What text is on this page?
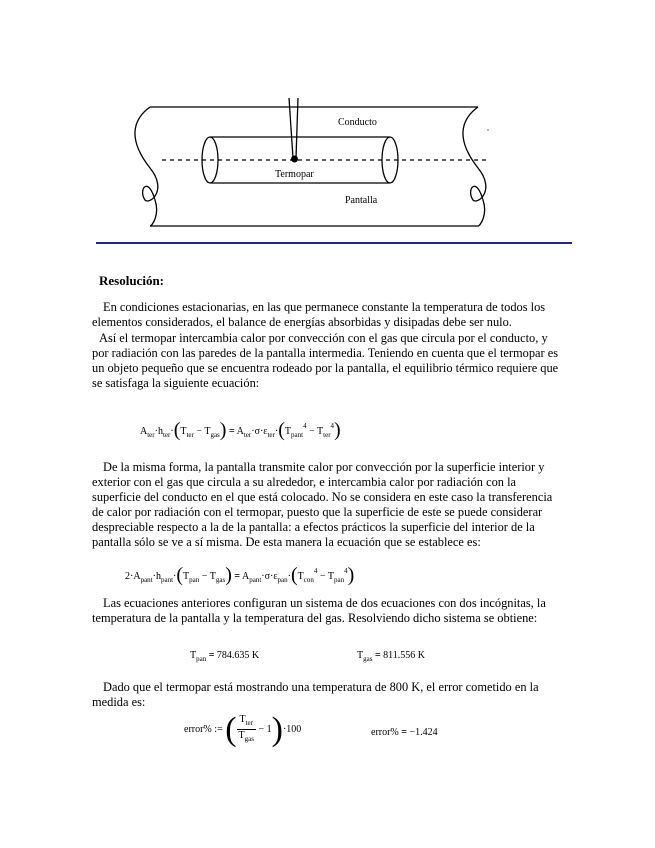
Conducto
Termopar
Pantalla
Resolución:

En condiciones estacionarias, en las que permanece constante la temperatura de todos los elementos considerados, el balance de energías absorbidas y disipadas debe ser nulo.

Así el termopar intercambia calor por convección con el gas que circula por el conducto, y por radiación con las paredes de la pantalla intermedia. Teniendo en cuenta que el termopar es un objeto pequeño que se encuentra rodeado por la pantalla, el equilibrio térmico requiere que se satisfaga la siguiente ecuación:

$A_{ter}\cdot h_{ter}\cdot(T_{ter} - T_{gas}) = A_{ter}\cdot\sigma\cdot\varepsilon_{ter}\cdot(T_{pant}^4 - T_{ter}^4)$

De la misma forma, la pantalla transmite calor por convección por la superficie interior y exterior con el gas que circula a su alrededor, e intercambia calor por radiación con la superficie del conducto en el que está colocado. No se considera en este caso la transferencia de calor por radiación con el termopar, puesto que la superficie de este se puede considerar despreciable respecto a la de la pantalla: a efectos prácticos la superficie del interior de la pantalla sólo se ve a sí misma. De esta manera la ecuación que se establece es:

$2\cdot A_{pant}\cdot h_{pant}\cdot(T_{pan} - T_{gas}) = A_{pant}\cdot\sigma\cdot\varepsilon_{pan}\cdot(T_{con}^4 - T_{pan}^4)$

Las ecuaciones anteriores configuran un sistema de dos ecuaciones con dos incógnitas, la temperatura de la pantalla y la temperatura del gas. Resolviendo dicho sistema se obtiene:

$T_{pan} = 784.635$ K	$T_{gas} = 811.556$ K

Dado que el termopar está mostrando una temperatura de 800 K, el error cometido en la medida es:

error% := ( $\frac{T_{ter}}{T_{gas}} - 1)\cdot 100$	error% = −1.424
